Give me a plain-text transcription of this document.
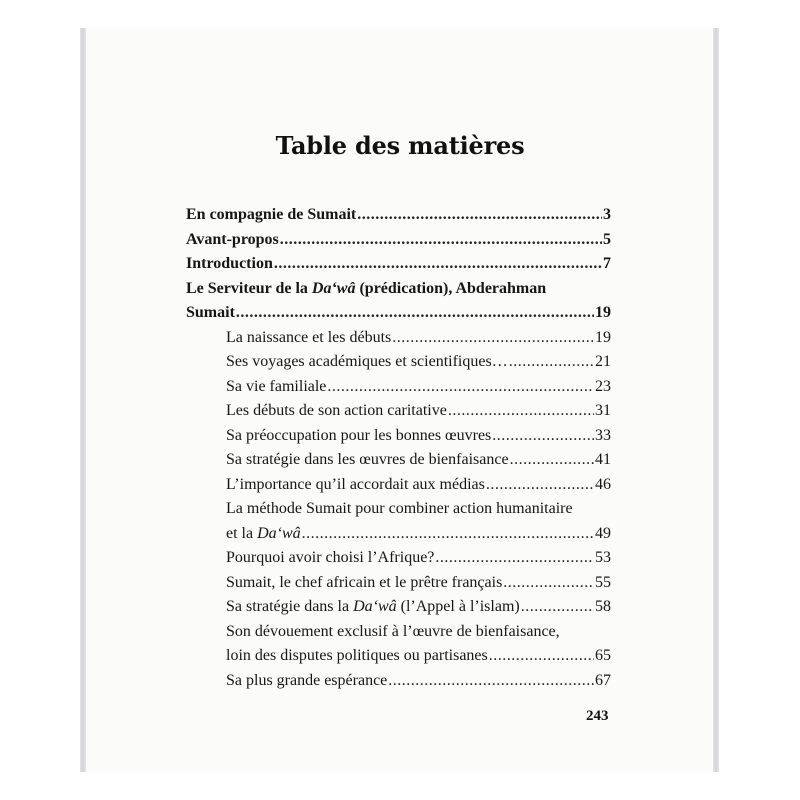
Table des matières
En compagnie de Sumait .....	3
Avant-propos .....	5
Introduction .....	7
Le Serviteur de la Da‘wâ (prédication), Abderahman
Sumait .....	19
La naissance et les débuts .....	19
Ses voyages académiques et scientifiques… .....	21
Sa vie familiale .....	23
Les débuts de son action caritative .....	31
Sa préoccupation pour les bonnes œuvres .....	33
Sa stratégie dans les œuvres de bienfaisance .....	41
L’importance qu’il accordait aux médias .....	46
La méthode Sumait pour combiner action humanitaire
et la Da‘wâ .....	49
Pourquoi avoir choisi l’Afrique? .....	53
Sumait, le chef africain et le prêtre français .....	55
Sa stratégie dans la Da‘wâ (l’Appel à l’islam) .....	58
Son dévouement exclusif à l’œuvre de bienfaisance,
loin des disputes politiques ou partisanes .....	65
Sa plus grande espérance .....	67
243
